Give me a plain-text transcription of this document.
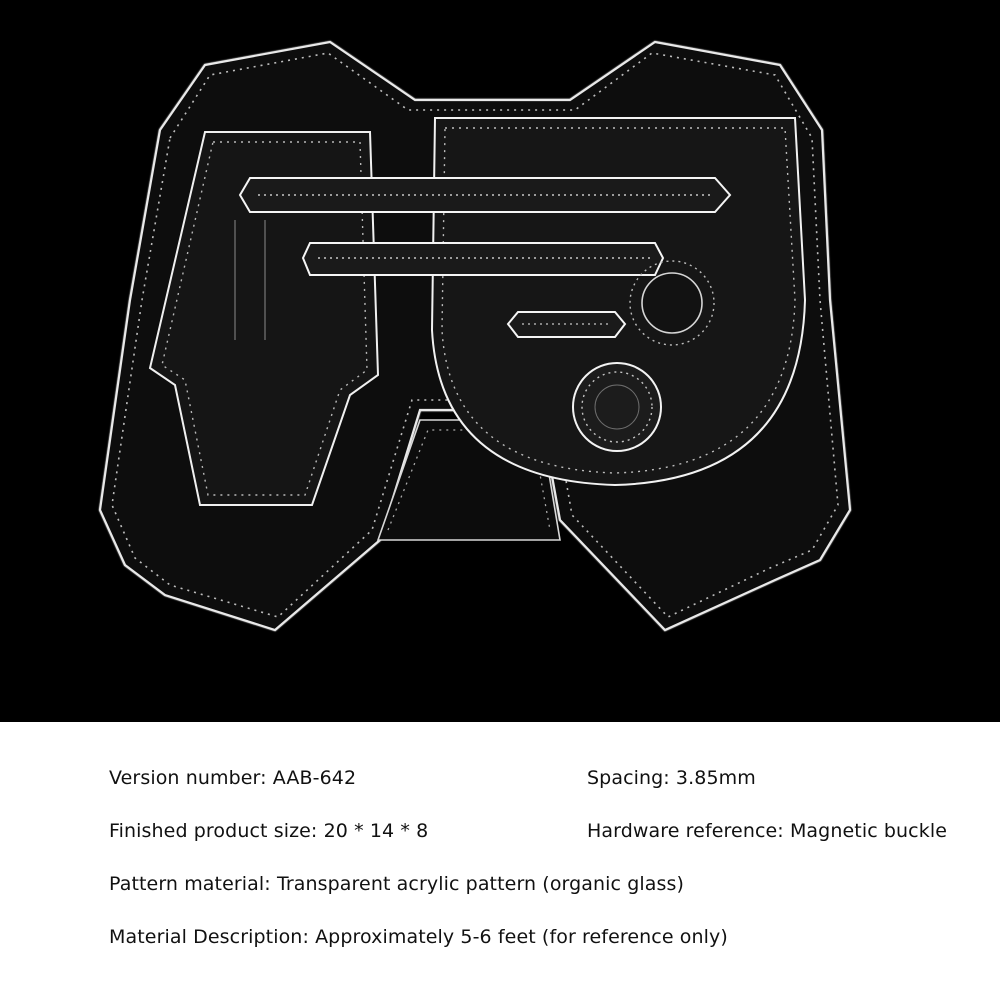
Version number: AAB-642	Spacing: 3.85mm
Finished product size: 20 * 14 * 8	Hardware reference: Magnetic buckle
Pattern material: Transparent acrylic pattern (organic glass)
Material Description: Approximately 5-6 feet (for reference only)
